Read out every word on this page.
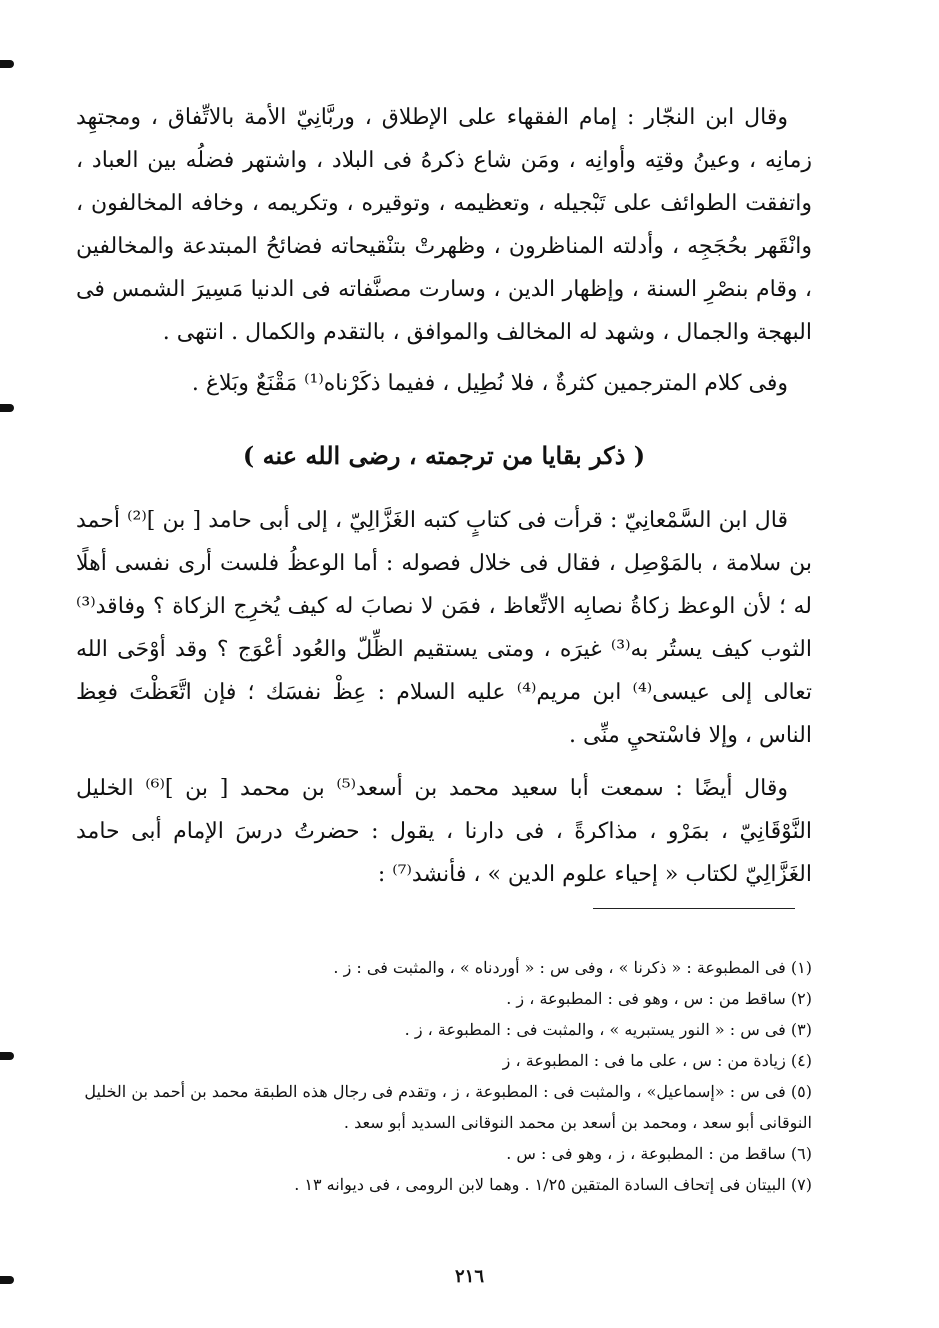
وقال ابن النجّار : إمام الفقهاء على الإطلاق ، وربَّانِيّ الأمة بالاتِّفاق ، ومجتهِد زمانِه ، وعينُ وقتِه وأوانِه ، ومَن شاع ذكرهُ فى البلاد ، واشتهر فضلُه بين العباد ، واتفقت الطوائف على تَبْجيله ، وتعظيمه ، وتوقيره ، وتكريمه ، وخافه المخالفون ، وانْقَهر بحُجَجِه ، وأدلته المناظرون ، وظهرتْ بتنْقيحاته فضائحُ المبتدعة والمخالفين ، وقام بنصْرِ السنة ، وإظهار الدين ، وسارت مصنَّفاته فى الدنيا مَسِيرَ الشمس فى البهجة والجمال ، وشهد له المخالف والموافق ، بالتقدم والكمال . انتهى .

وفى كلام المترجمين كثرةٌ ، فلا نُطِيل ، ففيما ذكَرْناه⁽¹⁾ مَقْنَعٌ وبَلاغ .

( ذكر بقايا من ترجمته ، رضى الله عنه )

قال ابن السَّمْعانِيّ : قرأت فى كتابٍ كتبه الغَزَّالِيّ ، إلى أبى حامد [ بن ]⁽²⁾ أحمد بن سلامة ، بالمَوْصِل ، فقال فى خلال فصوله : أما الوعظُ فلست أرى نفسى أهلًا له ؛ لأن الوعظ زكاةُ نصابِه الاتِّعاظ ، فمَن لا نصابَ له كيف يُخرِج الزكاة ؟ وفاقد⁽³⁾ الثوب كيف يستُر به⁽³⁾ غيرَه ، ومتى يستقيم الظِّلّ والعُود أعْوَج ؟ وقد أوْحَى الله تعالى إلى عيسى⁽⁴⁾ ابن مريم⁽⁴⁾ عليه السلام : عِظْ نفسَك ؛ فإن اتَّعَظْتَ فعِظ الناس ، وإلا فاسْتحيِ منِّى .

وقال أيضًا : سمعت أبا سعيد محمد بن أسعد⁽⁵⁾ بن محمد [ بن ]⁽⁶⁾ الخليل النَّوْقَانِيّ ، بمَرْو ، مذاكرةً ، فى دارنا ، يقول : حضرتُ درسَ الإمام أبى حامد الغَزَّالِيّ لكتاب « إحياء علوم الدين » ، فأنشد⁽⁷⁾ :

(١) فى المطبوعة : « ذكرنا » ، وفى س : « أوردناه » ، والمثبت فى : ز .
(٢) ساقط من : س ، وهو فى : المطبوعة ، ز .
(٣) فى س : « النور يستبريه » ، والمثبت فى : المطبوعة ، ز .
(٤) زيادة من : س ، على ما فى : المطبوعة ، ز
(٥) فى س : «إسماعيل» ، والمثبت فى : المطبوعة ، ز ، وتقدم فى رجال هذه الطبقة محمد بن أحمد بن الخليل النوقانى أبو سعد ، ومحمد بن أسعد بن محمد النوقانى السديد أبو سعد .
(٦) ساقط من : المطبوعة ، ز ، وهو فى : س .
(٧) البيتان فى إتحاف السادة المتقين ١/٢٥ . وهما لابن الرومى ، فى ديوانه ١٣ .
٢١٦
